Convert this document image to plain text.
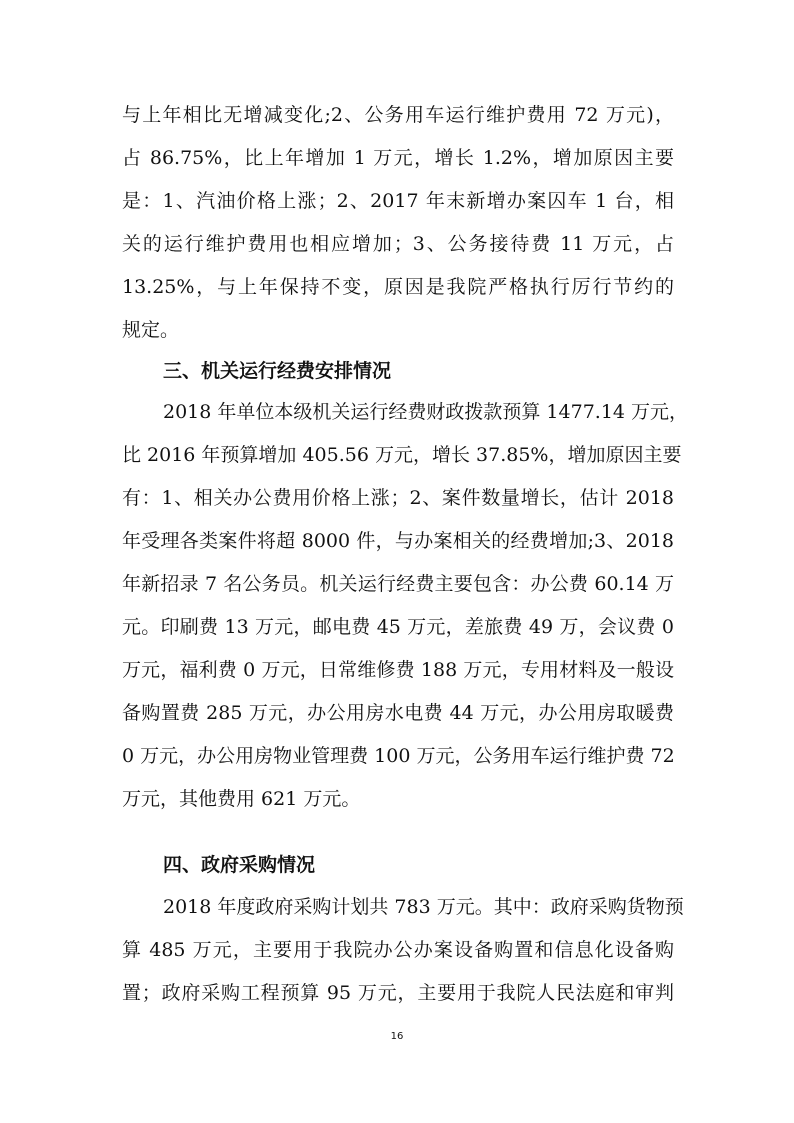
与上年相比无增减变化;2、公务用车运行维护费用 72 万元)，
占 86.75%，比上年增加 1 万元，增长 1.2%，增加原因主要
是：1、汽油价格上涨；2、2017 年末新增办案囚车 1 台，相
关的运行维护费用也相应增加；3、公务接待费 11 万元，占
13.25%，与上年保持不变，原因是我院严格执行厉行节约的
规定。
三、机关运行经费安排情况
2018 年单位本级机关运行经费财政拨款预算 1477.14 万元，
比 2016 年预算增加 405.56 万元，增长 37.85%，增加原因主要
有：1、相关办公费用价格上涨；2、案件数量增长，估计 2018
年受理各类案件将超 8000 件，与办案相关的经费增加;3、2018
年新招录 7 名公务员。机关运行经费主要包含：办公费 60.14 万
元。印刷费 13 万元，邮电费 45 万元，差旅费 49 万，会议费 0
万元，福利费 0 万元，日常维修费 188 万元，专用材料及一般设
备购置费 285 万元，办公用房水电费 44 万元，办公用房取暖费
0 万元，办公用房物业管理费 100 万元，公务用车运行维护费 72
万元，其他费用 621 万元。
四、政府采购情况
2018 年度政府采购计划共 783 万元。其中：政府采购货物预
算 485 万元，主要用于我院办公办案设备购置和信息化设备购
置；政府采购工程预算 95 万元，主要用于我院人民法庭和审判
16
